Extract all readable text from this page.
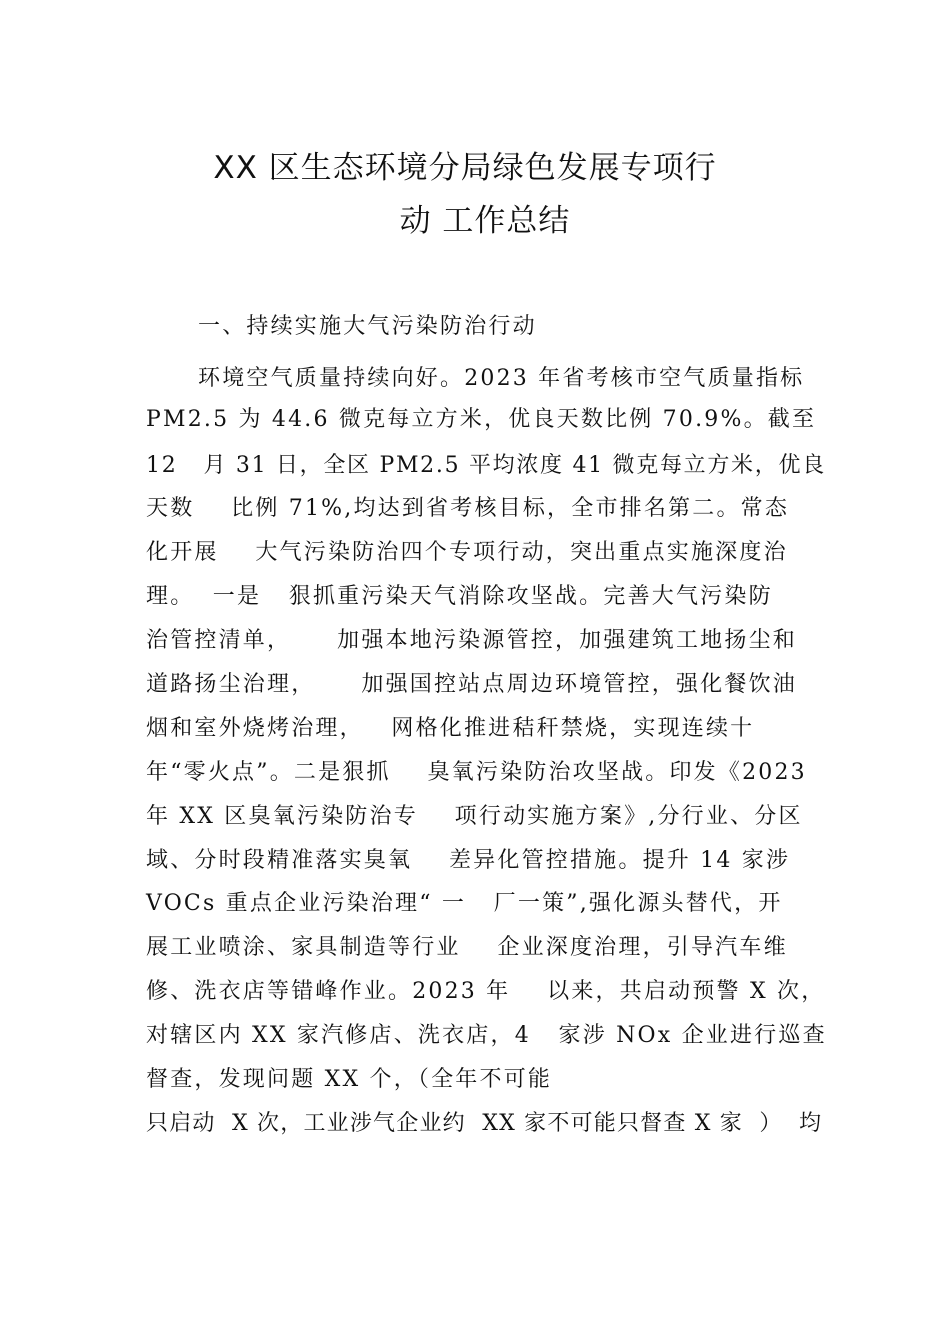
XX 区生态环境分局绿色发展专项行
动 工作总结
一、持续实施大气污染防治行动
环境空气质量持续向好。2023 年省考核市空气质量指标
PM2.5 为 44.6 微克每立方米，优良天数比例 70.9%。截至
12   月 31 日，全区 PM2.5 平均浓度 41 微克每立方米，优良
天数    比例 71%,均达到省考核目标，全市排名第二。常态
化开展    大气污染防治四个专项行动，突出重点实施深度治
理。  一是   狠抓重污染天气消除攻坚战。完善大气污染防
治管控清单，     加强本地污染源管控，加强建筑工地扬尘和
道路扬尘治理，     加强国控站点周边环境管控，强化餐饮油
烟和室外烧烤治理，   网格化推进秸秆禁烧，实现连续十
年“零火点”。二是狠抓    臭氧污染防治攻坚战。印发《2023
年 XX 区臭氧污染防治专    项行动实施方案》,分行业、分区
域、分时段精准落实臭氧    差异化管控措施。提升 14 家涉
VOCs 重点企业污染治理“ 一   厂一策”,强化源头替代，开
展工业喷涂、家具制造等行业    企业深度治理，引导汽车维
修、洗衣店等错峰作业。2023 年    以来，共启动预警 X 次，
对辖区内 XX 家汽修店、洗衣店，4   家涉 NOx 企业进行巡查
督查，发现问题 XX 个，（全年不可能
只启动  X 次，工业涉气企业约  XX 家不可能只督查 X 家  ）  均
